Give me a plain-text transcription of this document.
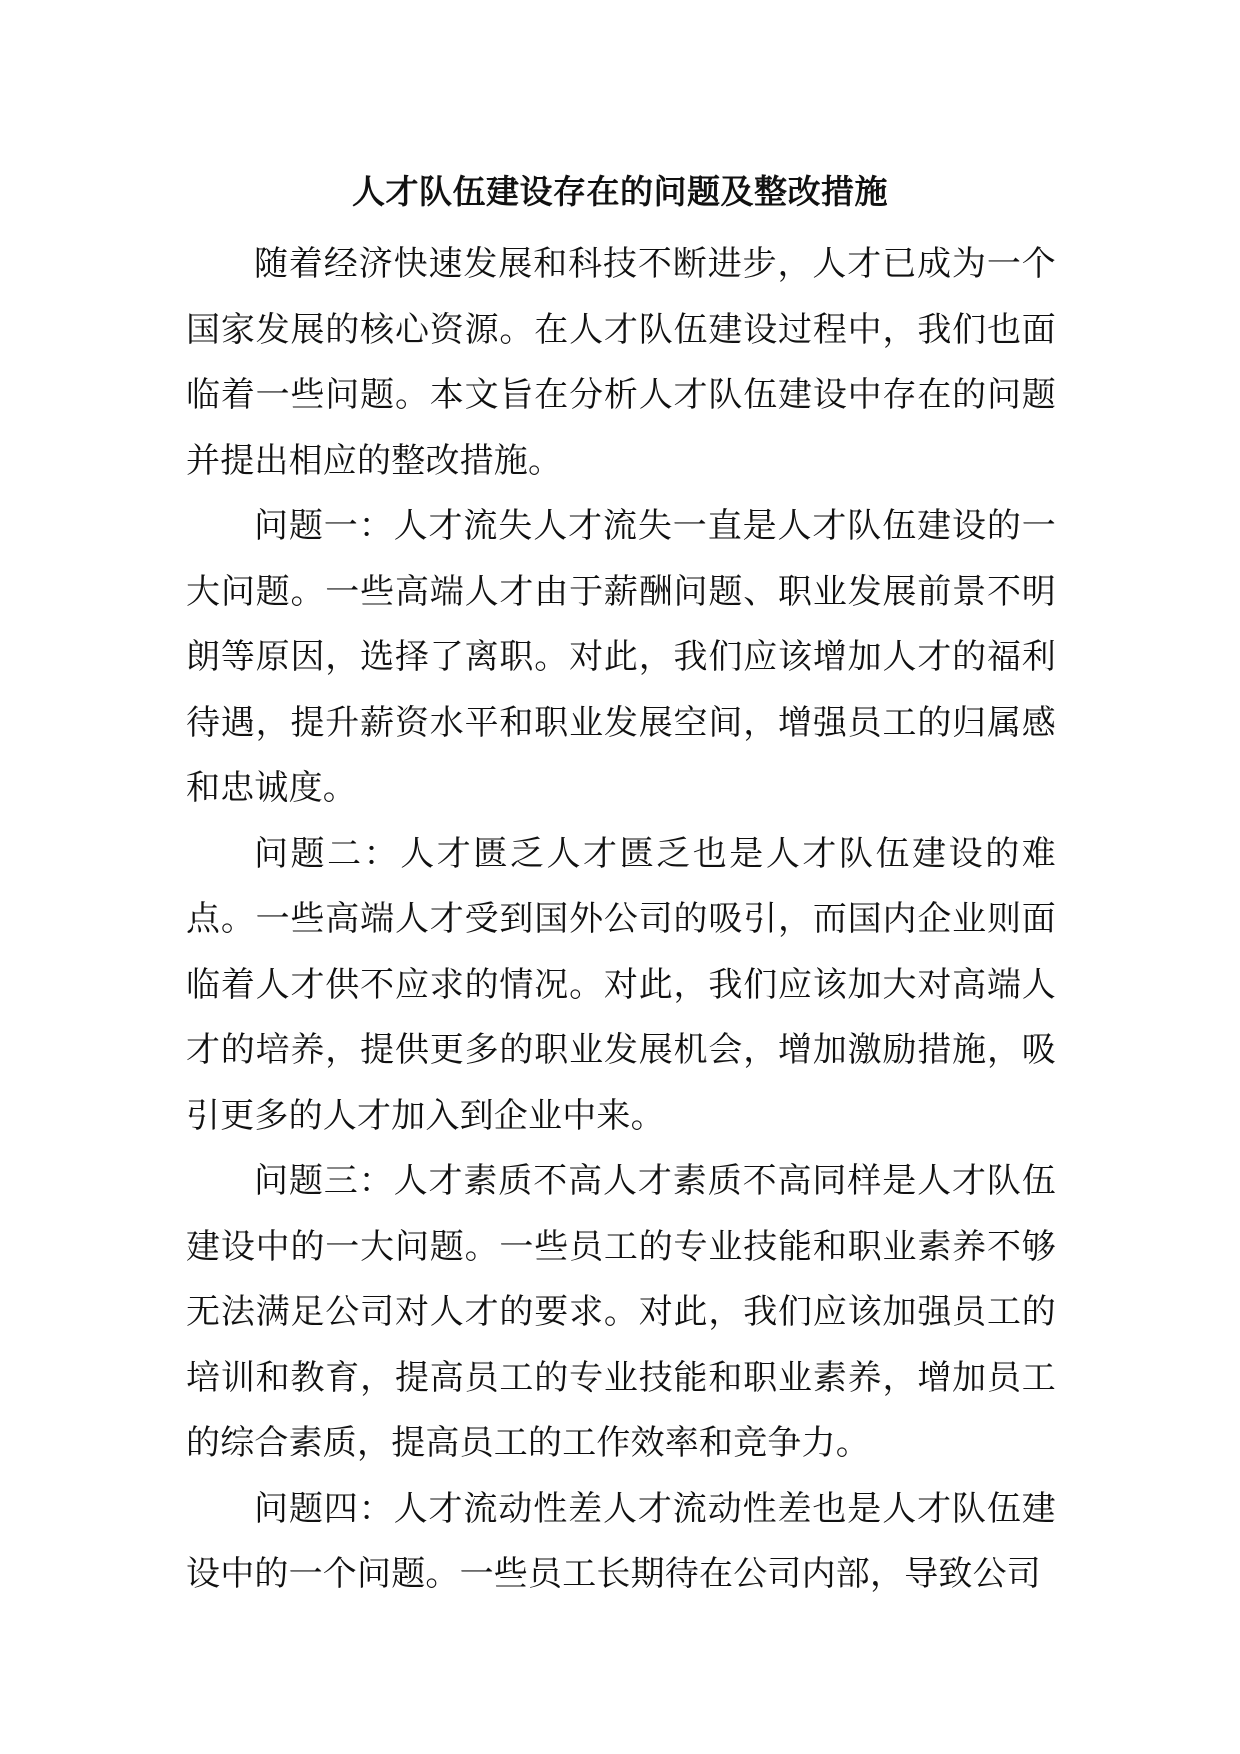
人才队伍建设存在的问题及整改措施

随着经济快速发展和科技不断进步，人才已成为一个国家发展的核心资源。在人才队伍建设过程中，我们也面临着一些问题。本文旨在分析人才队伍建设中存在的问题并提出相应的整改措施。

问题一：人才流失人才流失一直是人才队伍建设的一大问题。一些高端人才由于薪酬问题、职业发展前景不明朗等原因，选择了离职。对此，我们应该增加人才的福利待遇，提升薪资水平和职业发展空间，增强员工的归属感和忠诚度。

问题二：人才匮乏人才匮乏也是人才队伍建设的难点。一些高端人才受到国外公司的吸引，而国内企业则面临着人才供不应求的情况。对此，我们应该加大对高端人才的培养，提供更多的职业发展机会，增加激励措施，吸引更多的人才加入到企业中来。

问题三：人才素质不高人才素质不高同样是人才队伍建设中的一大问题。一些员工的专业技能和职业素养不够无法满足公司对人才的要求。对此，我们应该加强员工的培训和教育，提高员工的专业技能和职业素养，增加员工的综合素质，提高员工的工作效率和竞争力。

问题四：人才流动性差人才流动性差也是人才队伍建设中的一个问题。一些员工长期待在公司内部，导致公司
